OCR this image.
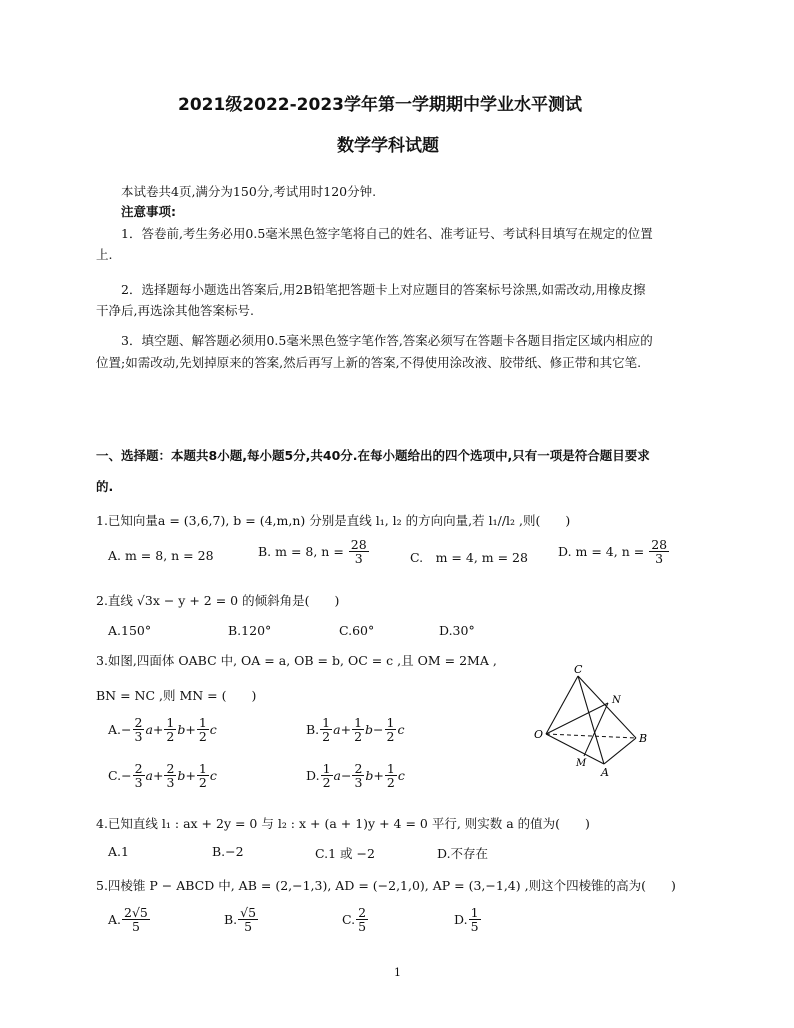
2021级2022-2023学年第一学期期中学业水平测试
数学学科试题
本试卷共4页,满分为150分,考试用时120分钟.
注意事项:
1．答卷前,考生务必用0.5毫米黑色签字笔将自己的姓名、准考证号、考试科目填写在规定的位置
上.
2．选择题每小题选出答案后,用2B铅笔把答题卡上对应题目的答案标号涂黑,如需改动,用橡皮擦
干净后,再选涂其他答案标号.
3．填空题、解答题必须用0.5毫米黑色签字笔作答,答案必须写在答题卡各题目指定区域内相应的
位置;如需改动,先划掉原来的答案,然后再写上新的答案,不得使用涂改液、胶带纸、修正带和其它笔.
一、选择题：本题共8小题,每小题5分,共40分.在每小题给出的四个选项中,只有一项是符合题目要求
的.
1.已知向量a = (3,6,7), b = (4,m,n) 分别是直线 l₁, l₂ 的方向向量,若 l₁//l₂ ,则(　　)
A. m = 8, n = 28	B. m = 8, $n = \frac{28}{3}$	C.　m = 4, m = 28 D. m = 4, $n = \frac{28}{3}$
2.直线 √3x − y + 2 = 0 的倾斜角是(　　)
A.150°	B.120°	C.60°	D.30°
3.如图,四面体 OABC 中, OA = a, OB = b, OC = c ,且 OM = 2MA ,
BN = NC ,则 MN = (　　)
$A.- \frac{2}{3} a+ \frac{1}{2} b+ \frac{1}{2}$ c	B. $\frac{1}{2} a+ \frac{1}{2} b- \frac{1}{2}$ c
$C.- \frac{2}{3} a+ \frac{2}{3} b+ \frac{1}{2}$ c	D. $\frac{1}{2} a- \frac{2}{3} b+ \frac{1}{2}$ c
C
N
O	B
M
A
4.已知直线 l₁ : ax + 2y = 0 与 l₂ : x + (a + 1)y + 4 = 0 平行, 则实数 a 的值为(　　)
A.1	B.−2	C.1 或 −2	D.不存在
5.四棱锥 P − ABCD 中, AB = (2,−1,3), AD = (−2,1,0), AP = (3,−1,4) ,则这个四棱锥的高为(　　)
A. $\frac{2√5}{5}$	B. $\frac{√5}{5}$	C. $\frac{2}{5}$	D. $\frac{1}{5}$
1
